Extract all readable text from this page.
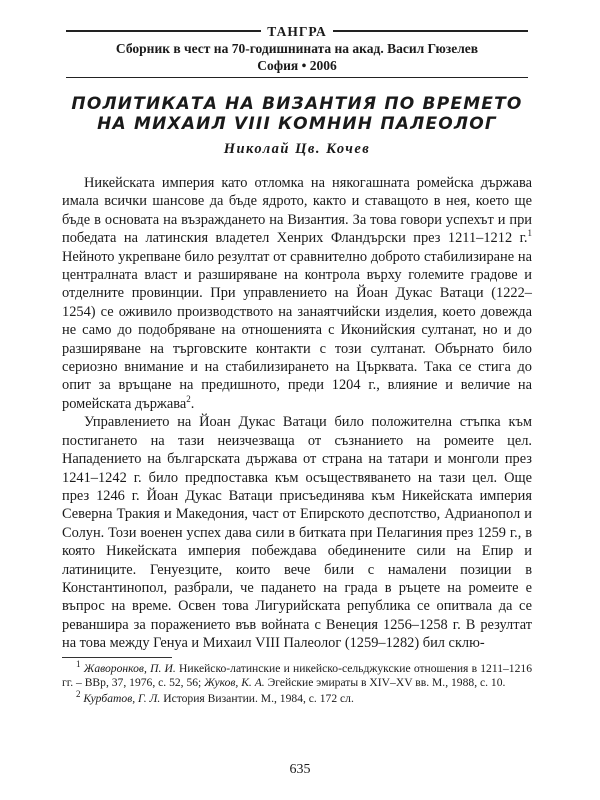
ТАНГРА
Сборник в чест на 70-годишнината на акад. Васил Гюзелев
София • 2006
ПОЛИТИКАТА НА ВИЗАНТИЯ ПО ВРЕМЕТО
НА МИХАИЛ VIII КОМНИН ПАЛЕОЛОГ
Николай Цв. Кочев

Никейската империя като отломка на някогашната ромейска държава имала всички шансове да бъде ядрото, както и ставащото в нея, което ще бъде в основата на възраждането на Византия. За това говори успехът и при победата на латинския владетел Хенрих Фландърски през 1211–1212 г.$^1$ Нейното укрепване било резултат от сравнително доброто стабилизиране на централната власт и разширяване на контрола върху големите градове и отделните провинции. При управлението на Йоан Дукас Ватаци (1222–1254) се оживило производството на занаятчийски изделия, което довежда не само до подобряване на отношенията с Иконийския султанат, но и до разширяване на търговските контакти с този султанат. Обърнато било сериозно внимание и на стабилизирането на Църквата. Така се стига до опит за връщане на предишното, преди 1204 г., влияние и величие на ромейската държава$^2$.

Управлението на Йоан Дукас Ватаци било положителна стъпка към постигането на тази неизчезваща от съзнанието на ромеите цел. Нападението на българската държава от страна на татари и монголи през 1241–1242 г. било предпоставка към осъществяването на тази цел. Още през 1246 г. Йоан Дукас Ватаци присъединява към Никейската империя Северна Тракия и Македония, част от Епирското деспотство, Адрианопол и Солун. Този военен успех дава сили в битката при Пелагиния през 1259 г., в която Никейската империя побеждава обединените сили на Епир и латиниците. Генуезците, които вече били с намалени позиции в Константинопол, разбрали, че падането на града в ръцете на ромеите е въпрос на време. Освен това Лигурийската република се опитвала да се реваншира за поражението във войната с Венеция 1256–1258 г. В резултат на това между Генуа и Михаил VIII Палеолог (1259–1282) бил склю-

$^1$ Жаворонков, П. И. Никейско-латинские и никейско-сельджукские отношения в 1211–1216 гг. – ВВр, 37, 1976, с. 52, 56; Жуков, К. А. Эгейские эмираты в XIV–XV вв. М., 1988, с. 10.

$^2$ Курбатов, Г. Л. История Византии. М., 1984, с. 172 сл.

635
